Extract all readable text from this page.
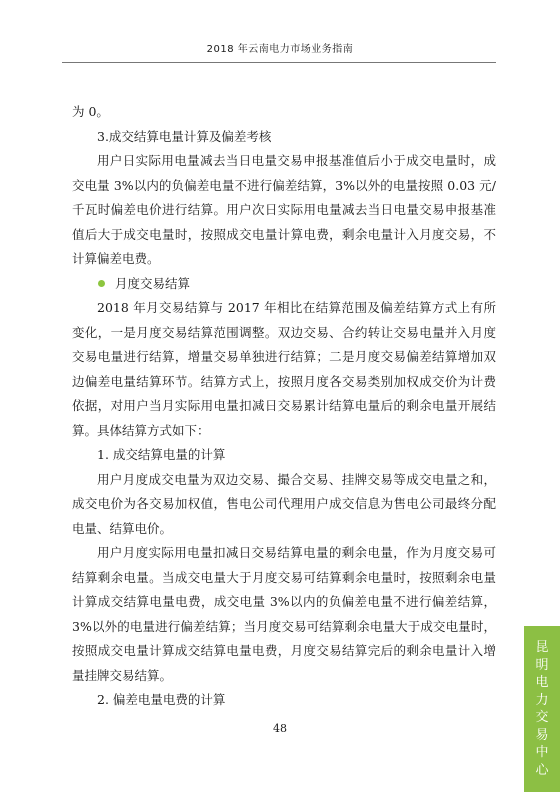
2018 年云南电力市场业务指南

为 0。

3.成交结算电量计算及偏差考核

用户日实际用电量减去当日电量交易申报基准值后小于成交电量时，成交电量 3%以内的负偏差电量不进行偏差结算，3%以外的电量按照 0.03 元/千瓦时偏差电价进行结算。用户次日实际用电量减去当日电量交易申报基准值后大于成交电量时，按照成交电量计算电费，剩余电量计入月度交易，不计算偏差电费。

月度交易结算

2018 年月交易结算与 2017 年相比在结算范围及偏差结算方式上有所变化，一是月度交易结算范围调整。双边交易、合约转让交易电量并入月度交易电量进行结算，增量交易单独进行结算；二是月度交易偏差结算增加双边偏差电量结算环节。结算方式上，按照月度各交易类别加权成交价为计费依据，对用户当月实际用电量扣减日交易累计结算电量后的剩余电量开展结算。具体结算方式如下：

1. 成交结算电量的计算

用户月度成交电量为双边交易、撮合交易、挂牌交易等成交电量之和，成交电价为各交易加权值，售电公司代理用户成交信息为售电公司最终分配电量、结算电价。

用户月度实际用电量扣减日交易结算电量的剩余电量，作为月度交易可结算剩余电量。当成交电量大于月度交易可结算剩余电量时，按照剩余电量计算成交结算电量电费，成交电量 3%以内的负偏差电量不进行偏差结算，3%以外的电量进行偏差结算；当月度交易可结算剩余电量大于成交电量时，按照成交电量计算成交结算电量电费，月度交易结算完后的剩余电量计入增量挂牌交易结算。

2. 偏差电量电费的计算

48
昆
明
电
力
交
易
中
心
